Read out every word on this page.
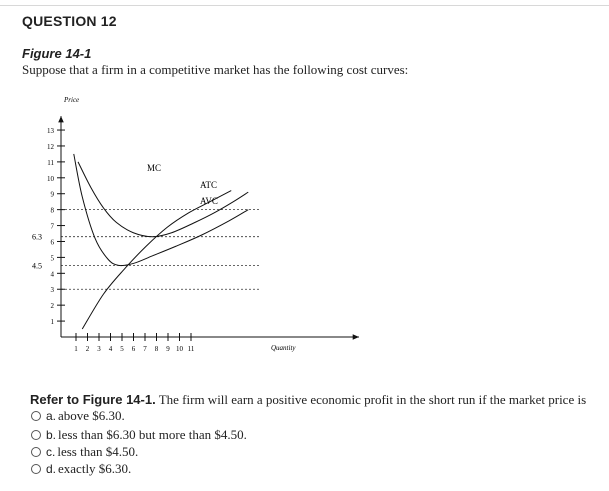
QUESTION 12
Figure 14-1
Suppose that a firm in a competitive market has the following cost curves:
1
2
3
4
5
6
7
8
9
10
11
12
13
1 2 3 4 5 6 7 8 9 10 11
6.3
4.5
MC
ATC
AVC
Price
Quantity
Refer to Figure 14-1. The firm will earn a positive economic profit in the short run if the market price is
a. above $6.30.
b. less than $6.30 but more than $4.50.
c. less than $4.50.
d. exactly $6.30.
